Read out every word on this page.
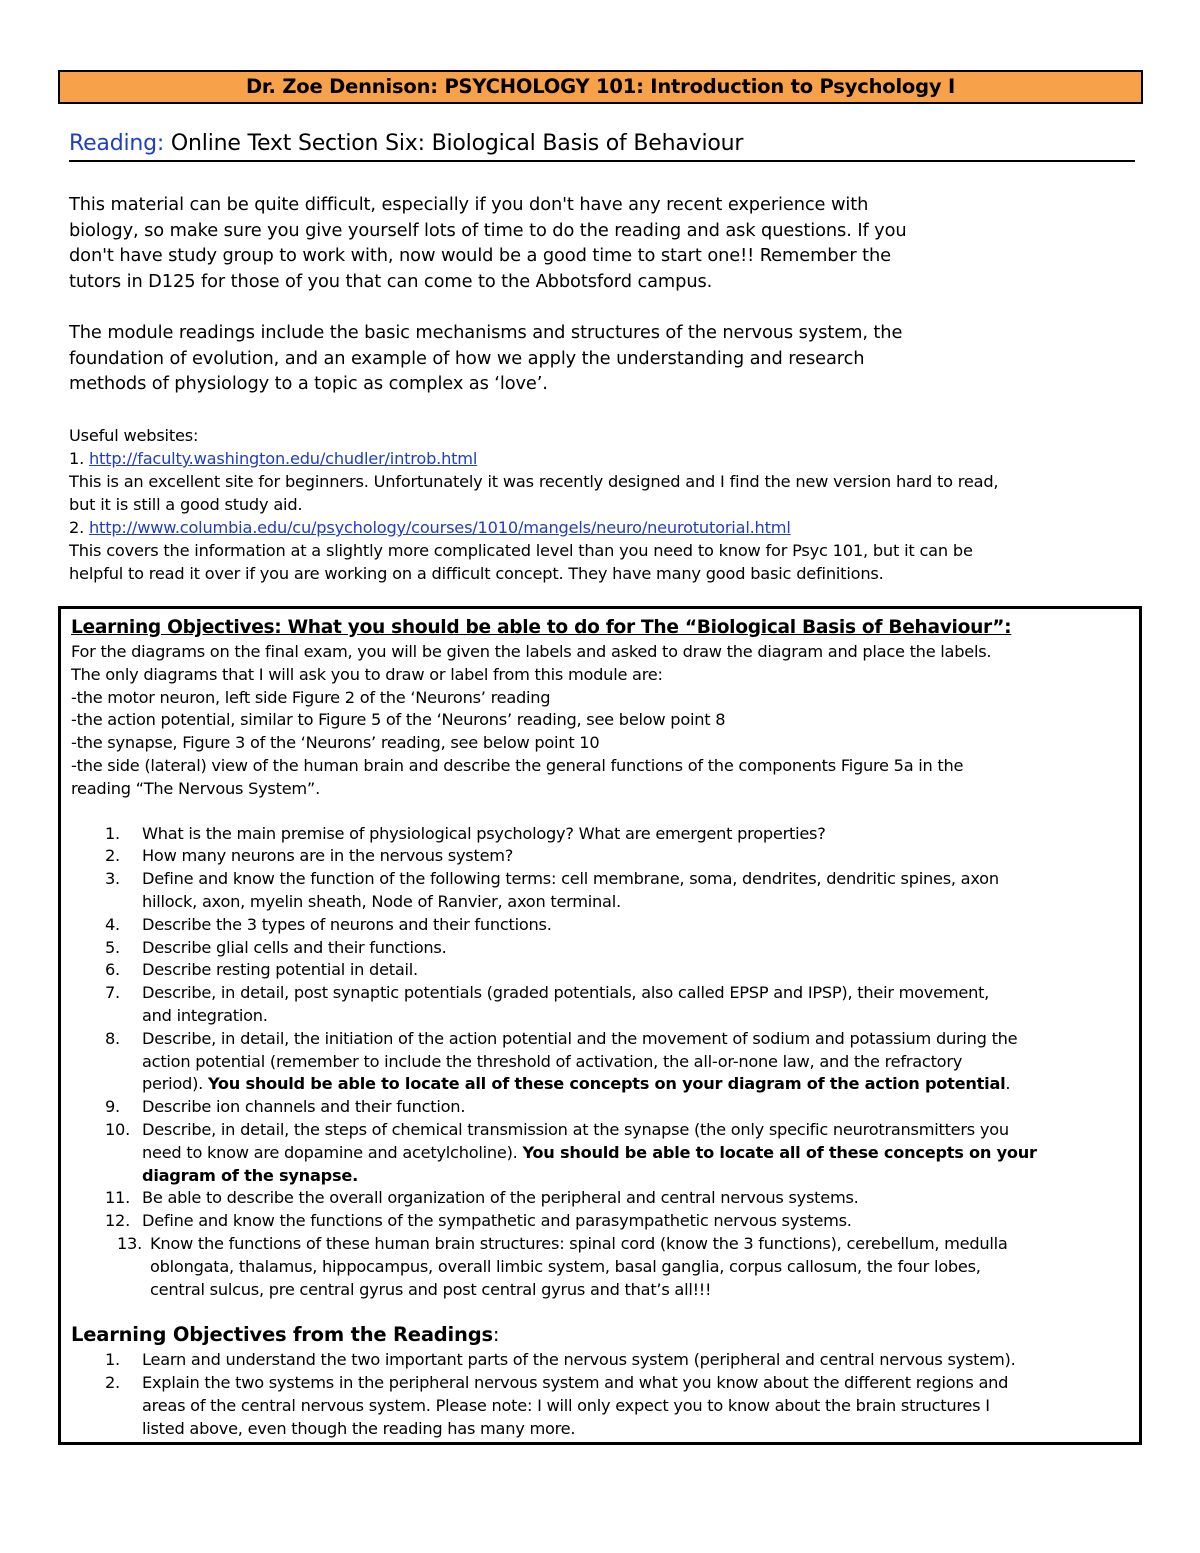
Dr. Zoe Dennison: PSYCHOLOGY 101: Introduction to Psychology I
Reading: Online Text Section Six: Biological Basis of Behaviour
This material can be quite difficult, especially if you don't have any recent experience with
biology, so make sure you give yourself lots of time to do the reading and ask questions. If you
don't have study group to work with, now would be a good time to start one!! Remember the
tutors in D125 for those of you that can come to the Abbotsford campus.
The module readings include the basic mechanisms and structures of the nervous system, the
foundation of evolution, and an example of how we apply the understanding and research
methods of physiology to a topic as complex as ‘love’.
Useful websites:
1. http://faculty.washington.edu/chudler/introb.html
This is an excellent site for beginners. Unfortunately it was recently designed and I find the new version hard to read,
but it is still a good study aid.
2. http://www.columbia.edu/cu/psychology/courses/1010/mangels/neuro/neurotutorial.html
This covers the information at a slightly more complicated level than you need to know for Psyc 101, but it can be
helpful to read it over if you are working on a difficult concept. They have many good basic definitions.
Learning Objectives: What you should be able to do for The “Biological Basis of Behaviour”:
For the diagrams on the final exam, you will be given the labels and asked to draw the diagram and place the labels.
The only diagrams that I will ask you to draw or label from this module are:
-the motor neuron, left side Figure 2 of the ‘Neurons’ reading
-the action potential, similar to Figure 5 of the ‘Neurons’ reading, see below point 8
-the synapse, Figure 3 of the ‘Neurons’ reading, see below point 10
-the side (lateral) view of the human brain and describe the general functions of the components Figure 5a in the
reading “The Nervous System”.
1.	What is the main premise of physiological psychology? What are emergent properties?
2.	How many neurons are in the nervous system?
3.	Define and know the function of the following terms: cell membrane, soma, dendrites, dendritic spines, axon
hillock, axon, myelin sheath, Node of Ranvier, axon terminal.
4.	Describe the 3 types of neurons and their functions.
5.	Describe glial cells and their functions.
6.	Describe resting potential in detail.
7.	Describe, in detail, post synaptic potentials (graded potentials, also called EPSP and IPSP), their movement,
and integration.
8.	Describe, in detail, the initiation of the action potential and the movement of sodium and potassium during the
action potential (remember to include the threshold of activation, the all-or-none law, and the refractory
period). You should be able to locate all of these concepts on your diagram of the action potential.
9.	Describe ion channels and their function.
10. Describe, in detail, the steps of chemical transmission at the synapse (the only specific neurotransmitters you
need to know are dopamine and acetylcholine). You should be able to locate all of these concepts on your
diagram of the synapse.
11. Be able to describe the overall organization of the peripheral and central nervous systems.
12. Define and know the functions of the sympathetic and parasympathetic nervous systems.
13. Know the functions of these human brain structures: spinal cord (know the 3 functions), cerebellum, medulla
oblongata, thalamus, hippocampus, overall limbic system, basal ganglia, corpus callosum, the four lobes,
central sulcus, pre central gyrus and post central gyrus and that’s all!!!
Learning Objectives from the Readings:
1.	Learn and understand the two important parts of the nervous system (peripheral and central nervous system).
2.	Explain the two systems in the peripheral nervous system and what you know about the different regions and
areas of the central nervous system. Please note: I will only expect you to know about the brain structures I
listed above, even though the reading has many more.
